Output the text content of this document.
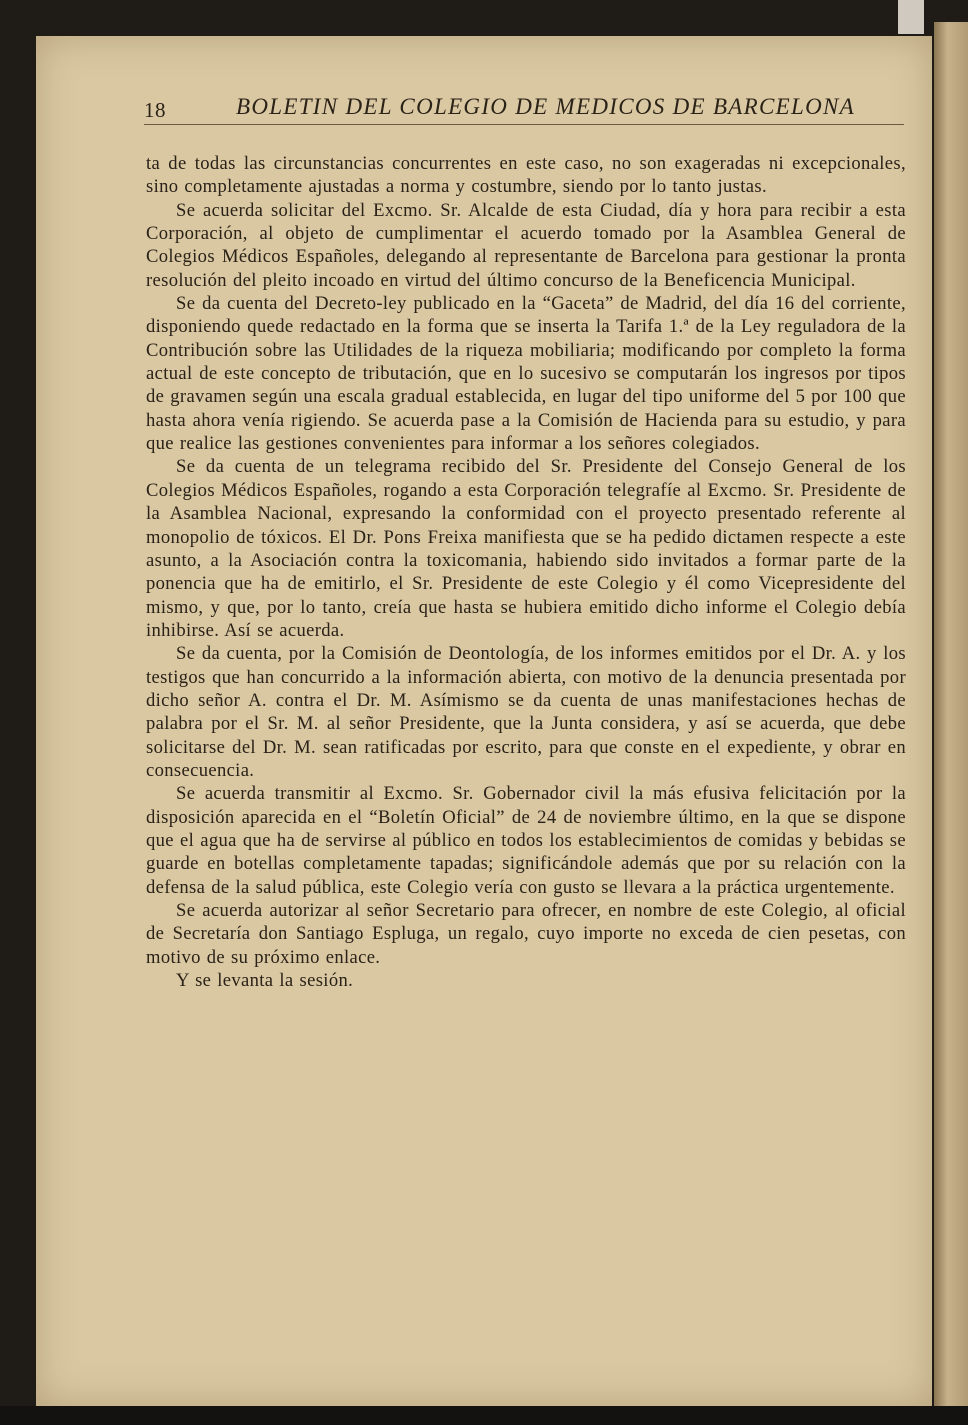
18	BOLETIN DEL COLEGIO DE MEDICOS DE BARCELONA

ta de todas las circunstancias concurrentes en este caso, no son exageradas ni excepcionales, sino completamente ajustadas a norma y costumbre, siendo por lo tanto justas.

Se acuerda solicitar del Excmo. Sr. Alcalde de esta Ciudad, día y hora para recibir a esta Corporación, al objeto de cumplimentar el acuerdo tomado por la Asamblea General de Colegios Médicos Españoles, delegando al representante de Barcelona para gestionar la pronta resolución del pleito incoado en virtud del último concurso de la Beneficencia Municipal.

Se da cuenta del Decreto-ley publicado en la “Gaceta” de Madrid, del día 16 del corriente, disponiendo quede redactado en la forma que se inserta la Tarifa 1.ª de la Ley reguladora de la Contribución sobre las Utilidades de la riqueza mobiliaria; modificando por completo la forma actual de este concepto de tributación, que en lo sucesivo se computarán los ingresos por tipos de gravamen según una escala gradual establecida, en lugar del tipo uniforme del 5 por 100 que hasta ahora venía rigiendo. Se acuerda pase a la Comisión de Hacienda para su estudio, y para que realice las gestiones convenientes para informar a los señores colegiados.

Se da cuenta de un telegrama recibido del Sr. Presidente del Consejo General de los Colegios Médicos Españoles, rogando a esta Corporación telegrafíe al Excmo. Sr. Presidente de la Asamblea Nacional, expresando la conformidad con el proyecto presentado referente al monopolio de tóxicos. El Dr. Pons Freixa manifiesta que se ha pedido dictamen respecte a este asunto, a la Asociación contra la toxicomania, habiendo sido invitados a formar parte de la ponencia que ha de emitirlo, el Sr. Presidente de este Colegio y él como Vicepresidente del mismo, y que, por lo tanto, creía que hasta se hubiera emitido dicho informe el Colegio debía inhibirse. Así se acuerda.

Se da cuenta, por la Comisión de Deontología, de los informes emitidos por el Dr. A. y los testigos que han concurrido a la información abierta, con motivo de la denuncia presentada por dicho señor A. contra el Dr. M. Asímismo se da cuenta de unas manifestaciones hechas de palabra por el Sr. M. al señor Presidente, que la Junta considera, y así se acuerda, que debe solicitarse del Dr. M. sean ratificadas por escrito, para que conste en el expediente, y obrar en consecuencia.

Se acuerda transmitir al Excmo. Sr. Gobernador civil la más efusiva felicitación por la disposición aparecida en el “Boletín Oficial” de 24 de noviembre último, en la que se dispone que el agua que ha de servirse al público en todos los establecimientos de comidas y bebidas se guarde en botellas completamente tapadas; significándole además que por su relación con la defensa de la salud pública, este Colegio vería con gusto se llevara a la práctica urgentemente.

Se acuerda autorizar al señor Secretario para ofrecer, en nombre de este Colegio, al oficial de Secretaría don Santiago Espluga, un regalo, cuyo importe no exceda de cien pesetas, con motivo de su próximo enlace.

Y se levanta la sesión.
